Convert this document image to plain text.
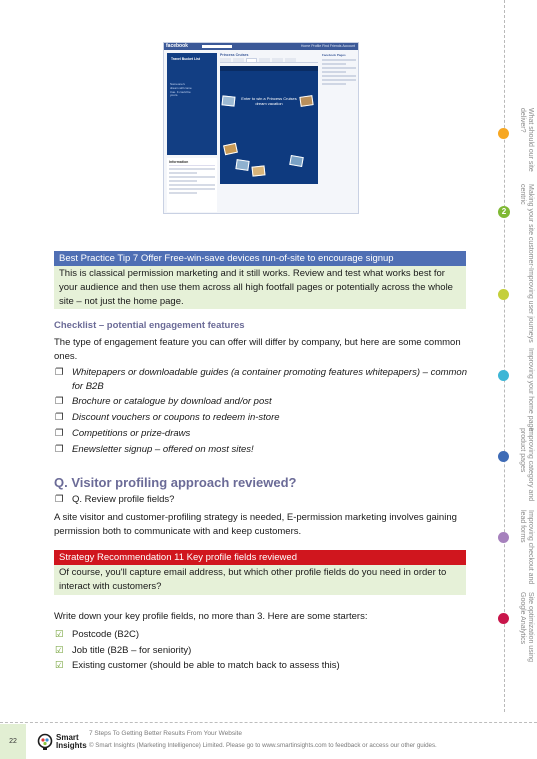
facebook	Home Profile Find Friends Account
Travel Bucket List
Someone's dream will come true. It could be yours.
Information
Princess Cruises
Enter to win a Princess Cruises dream vacation
Facebook Pages
What should our site deliver?
Making your site customer-centric
2
Improving user journeys
Improving your home page
Improving category and product pages
Improving checkout and lead forms
Site optimization using Google Analytics
Best Practice Tip 7 Offer Free-win-save devices run-of-site to encourage signup
This is classical permission marketing and it still works. Review and test what works best for your audience and then use them across all high footfall pages or potentially across the whole site – not just the home page.
Checklist – potential engagement features
The type of engagement feature you can offer will differ by company, but here are some common ones.
❐ Whitepapers or downloadable guides (a container promoting features whitepapers) – common for B2B
❐ Brochure or catalogue by download and/or post
❐ Discount vouchers or coupons to redeem in-store
❐ Competitions or prize-draws
❐ Enewsletter signup – offered on most sites!
Q. Visitor profiling approach reviewed?
❐ Q. Review profile fields?
A site visitor and customer-profiling strategy is needed, E-permission marketing involves gaining permission both to communicate with and keep customers.
Strategy Recommendation 11 Key profile fields reviewed
Of course, you'll capture email address, but which other profile fields do you need in order to interact with customers?
Write down your key profile fields, no more than 3. Here are some starters:
☑ Postcode (B2C)
☑ Job title (B2B – for seniority)
☑ Existing customer (should be able to match back to assess this)
22	Smart
Insights
7 Steps To Getting Better Results From Your Website
© Smart Insights (Marketing Intelligence) Limited. Please go to www.smartinsights.com to feedback or access our other guides.
